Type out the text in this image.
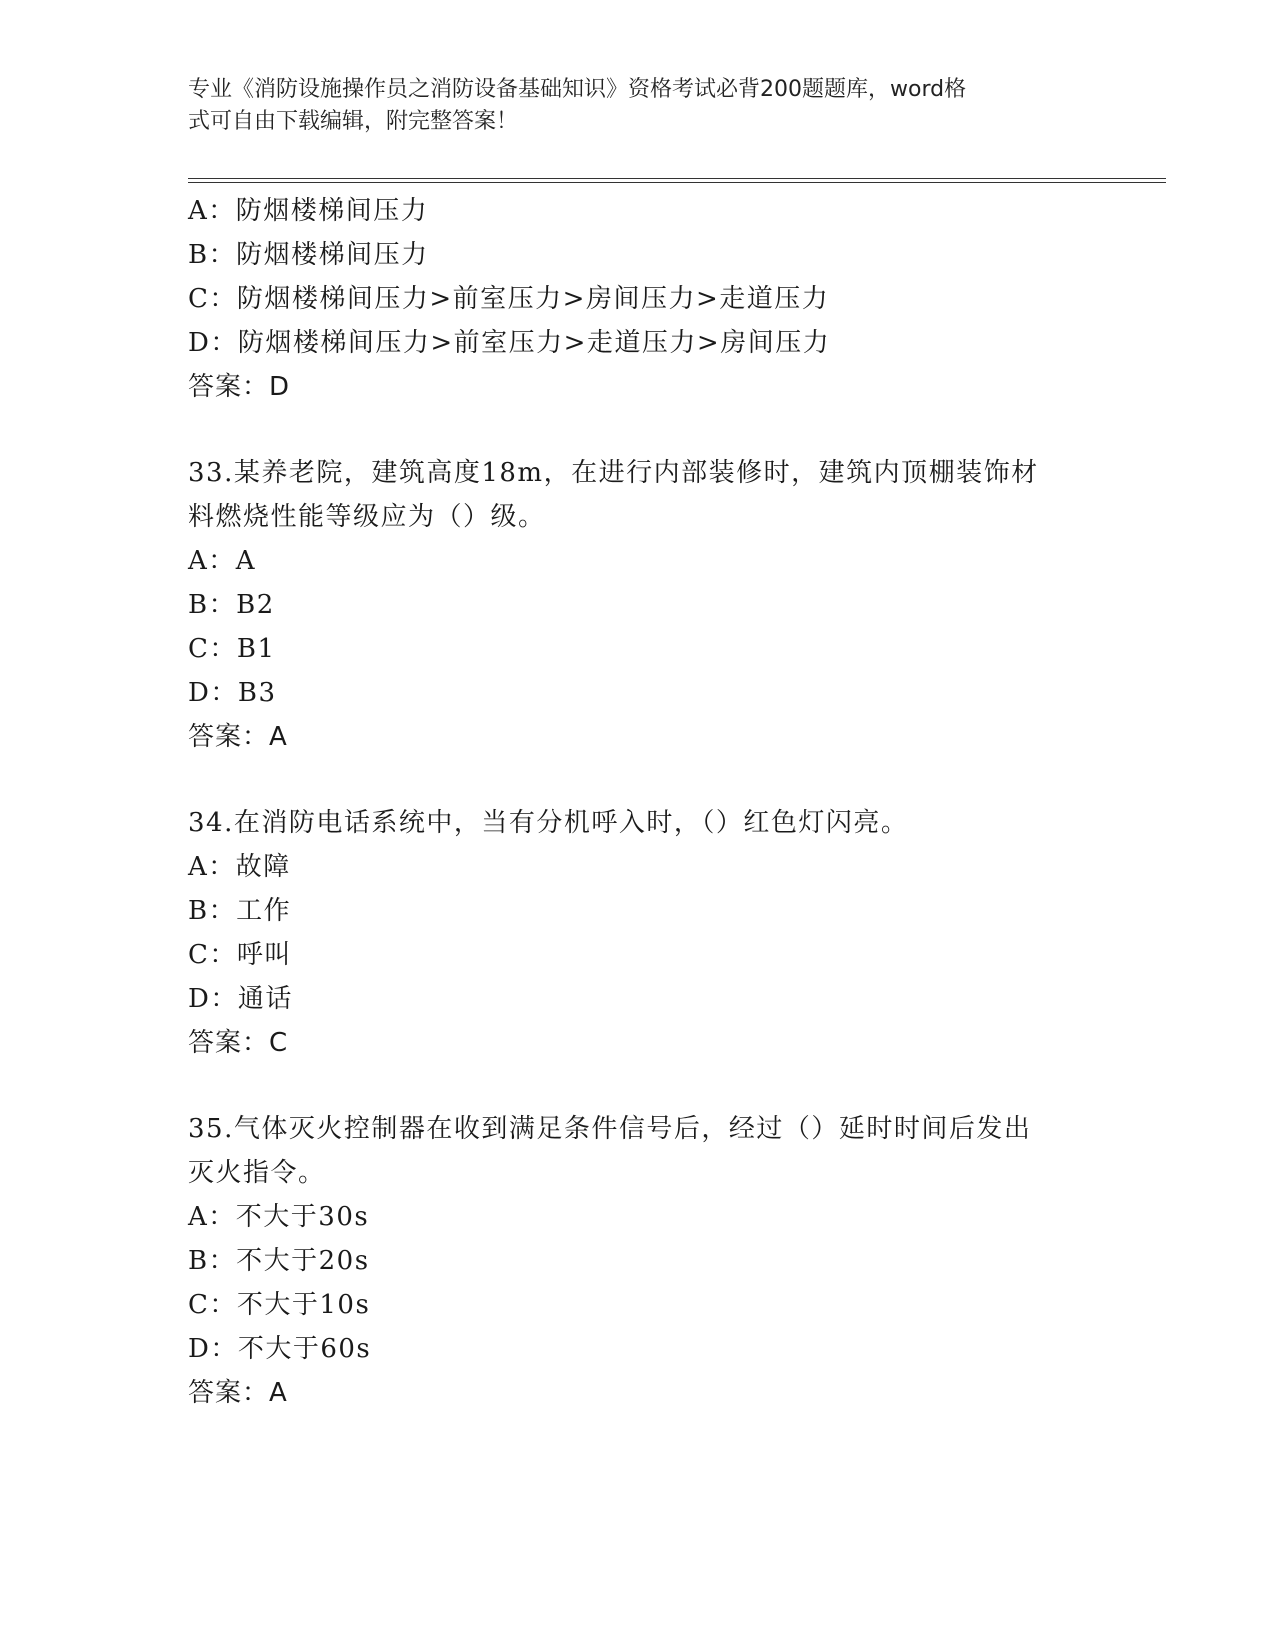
专业《消防设施操作员之消防设备基础知识》资格考试必背200题题库，word格
式可自由下载编辑，附完整答案！
A：防烟楼梯间压力
B：防烟楼梯间压力
C：防烟楼梯间压力>前室压力>房间压力>走道压力
D：防烟楼梯间压力>前室压力>走道压力>房间压力
答案：D
33.某养老院，建筑高度18m，在进行内部装修时，建筑内顶棚装饰材
料燃烧性能等级应为（）级。
A：A
B：B2
C：B1
D：B3
答案：A
34.在消防电话系统中，当有分机呼入时，（）红色灯闪亮。
A：故障
B：工作
C：呼叫
D：通话
答案：C
35.气体灭火控制器在收到满足条件信号后，经过（）延时时间后发出
灭火指令。
A：不大于30s
B：不大于20s
C：不大于10s
D：不大于60s
答案：A
